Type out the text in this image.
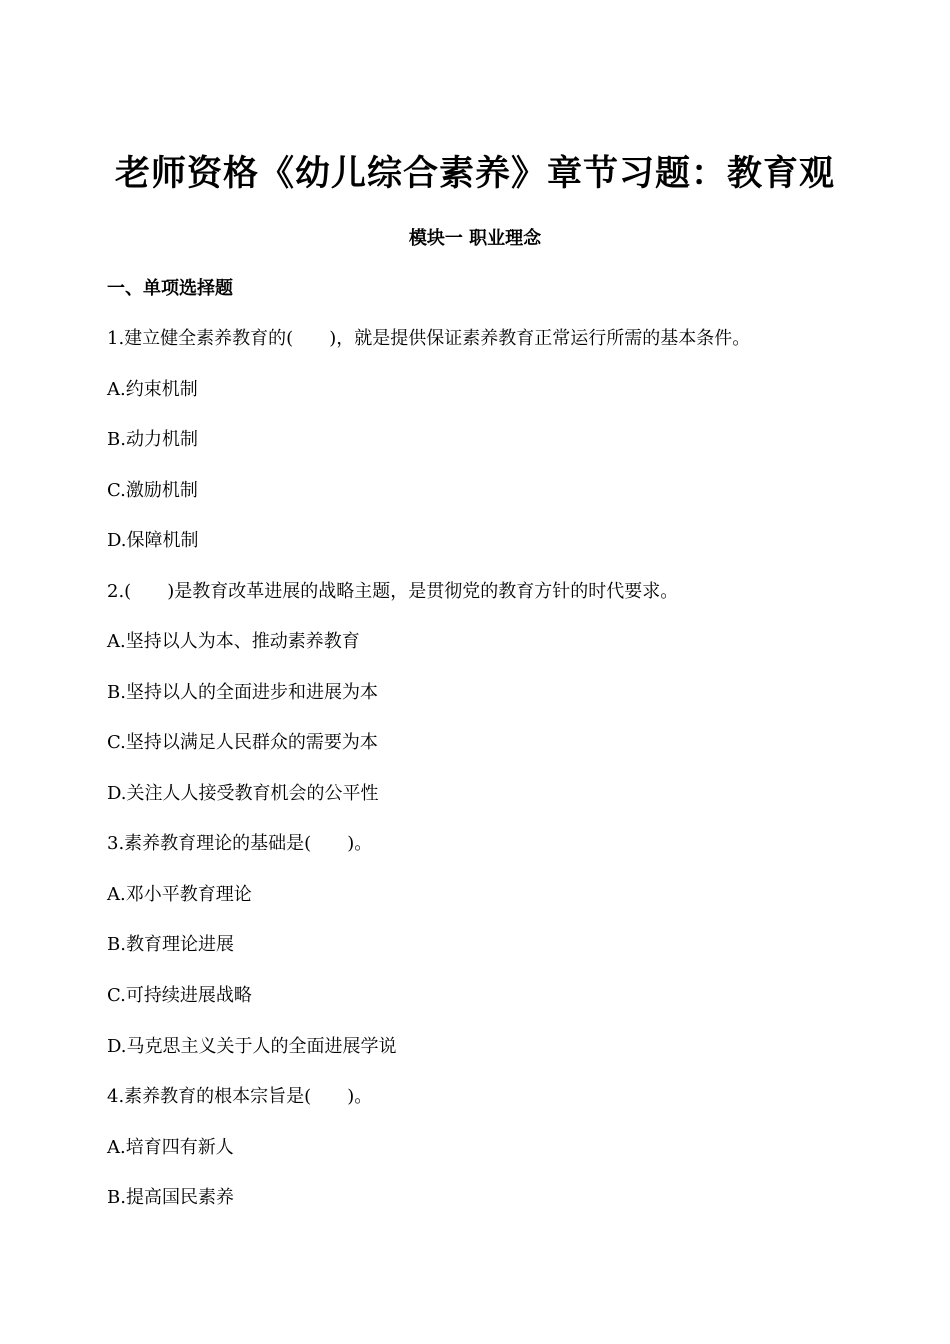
老师资格《幼儿综合素养》章节习题：教育观
模块一 职业理念
一、单项选择题
1.建立健全素养教育的(　　)，就是提供保证素养教育正常运行所需的基本条件。
A.约束机制
B.动力机制
C.激励机制
D.保障机制
2.(　　)是教育改革进展的战略主题，是贯彻党的教育方针的时代要求。
A.坚持以人为本、推动素养教育
B.坚持以人的全面进步和进展为本
C.坚持以满足人民群众的需要为本
D.关注人人接受教育机会的公平性
3.素养教育理论的基础是(　　)。
A.邓小平教育理论
B.教育理论进展
C.可持续进展战略
D.马克思主义关于人的全面进展学说
4.素养教育的根本宗旨是(　　)。
A.培育四有新人
B.提高国民素养
